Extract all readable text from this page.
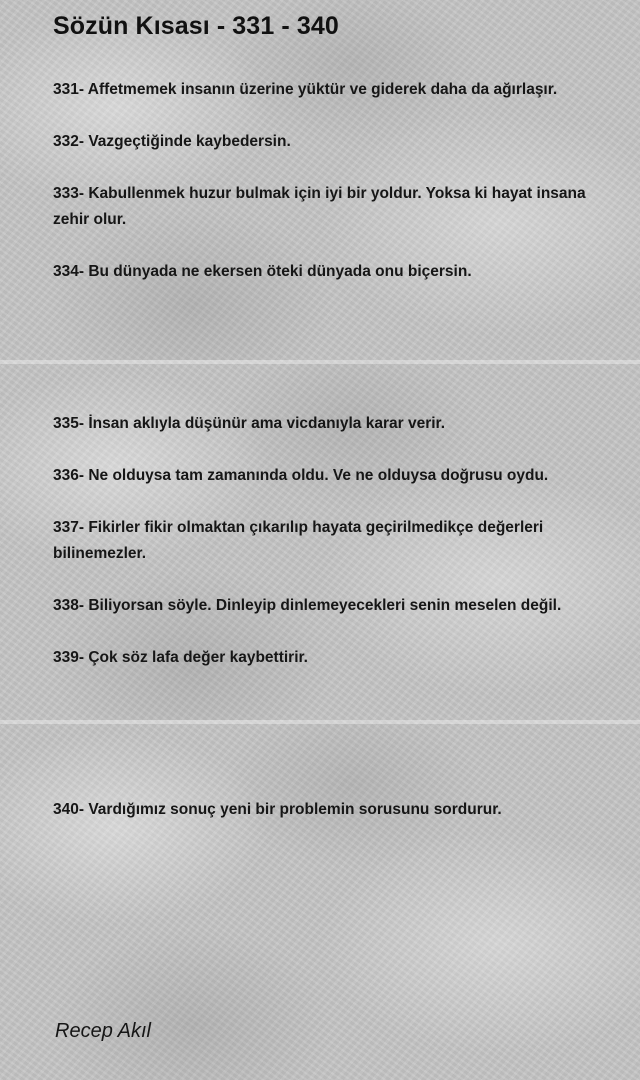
Sözün Kısası - 331 - 340

331- Affetmemek insanın üzerine yüktür ve giderek daha da ağırlaşır.

332- Vazgeçtiğinde kaybedersin.

333- Kabullenmek huzur bulmak için iyi bir yoldur. Yoksa ki hayat insana zehir olur.

334- Bu dünyada ne ekersen öteki dünyada onu biçersin.

335- İnsan aklıyla düşünür ama vicdanıyla karar verir.

336- Ne olduysa tam zamanında oldu. Ve ne olduysa doğrusu oydu.

337- Fikirler fikir olmaktan çıkarılıp hayata geçirilmedikçe değerleri bilinemezler.

338- Biliyorsan söyle. Dinleyip dinlemeyecekleri senin meselen değil.

339- Çok söz lafa değer kaybettirir.

340- Vardığımız sonuç yeni bir problemin sorusunu sordurur.

Recep Akıl
